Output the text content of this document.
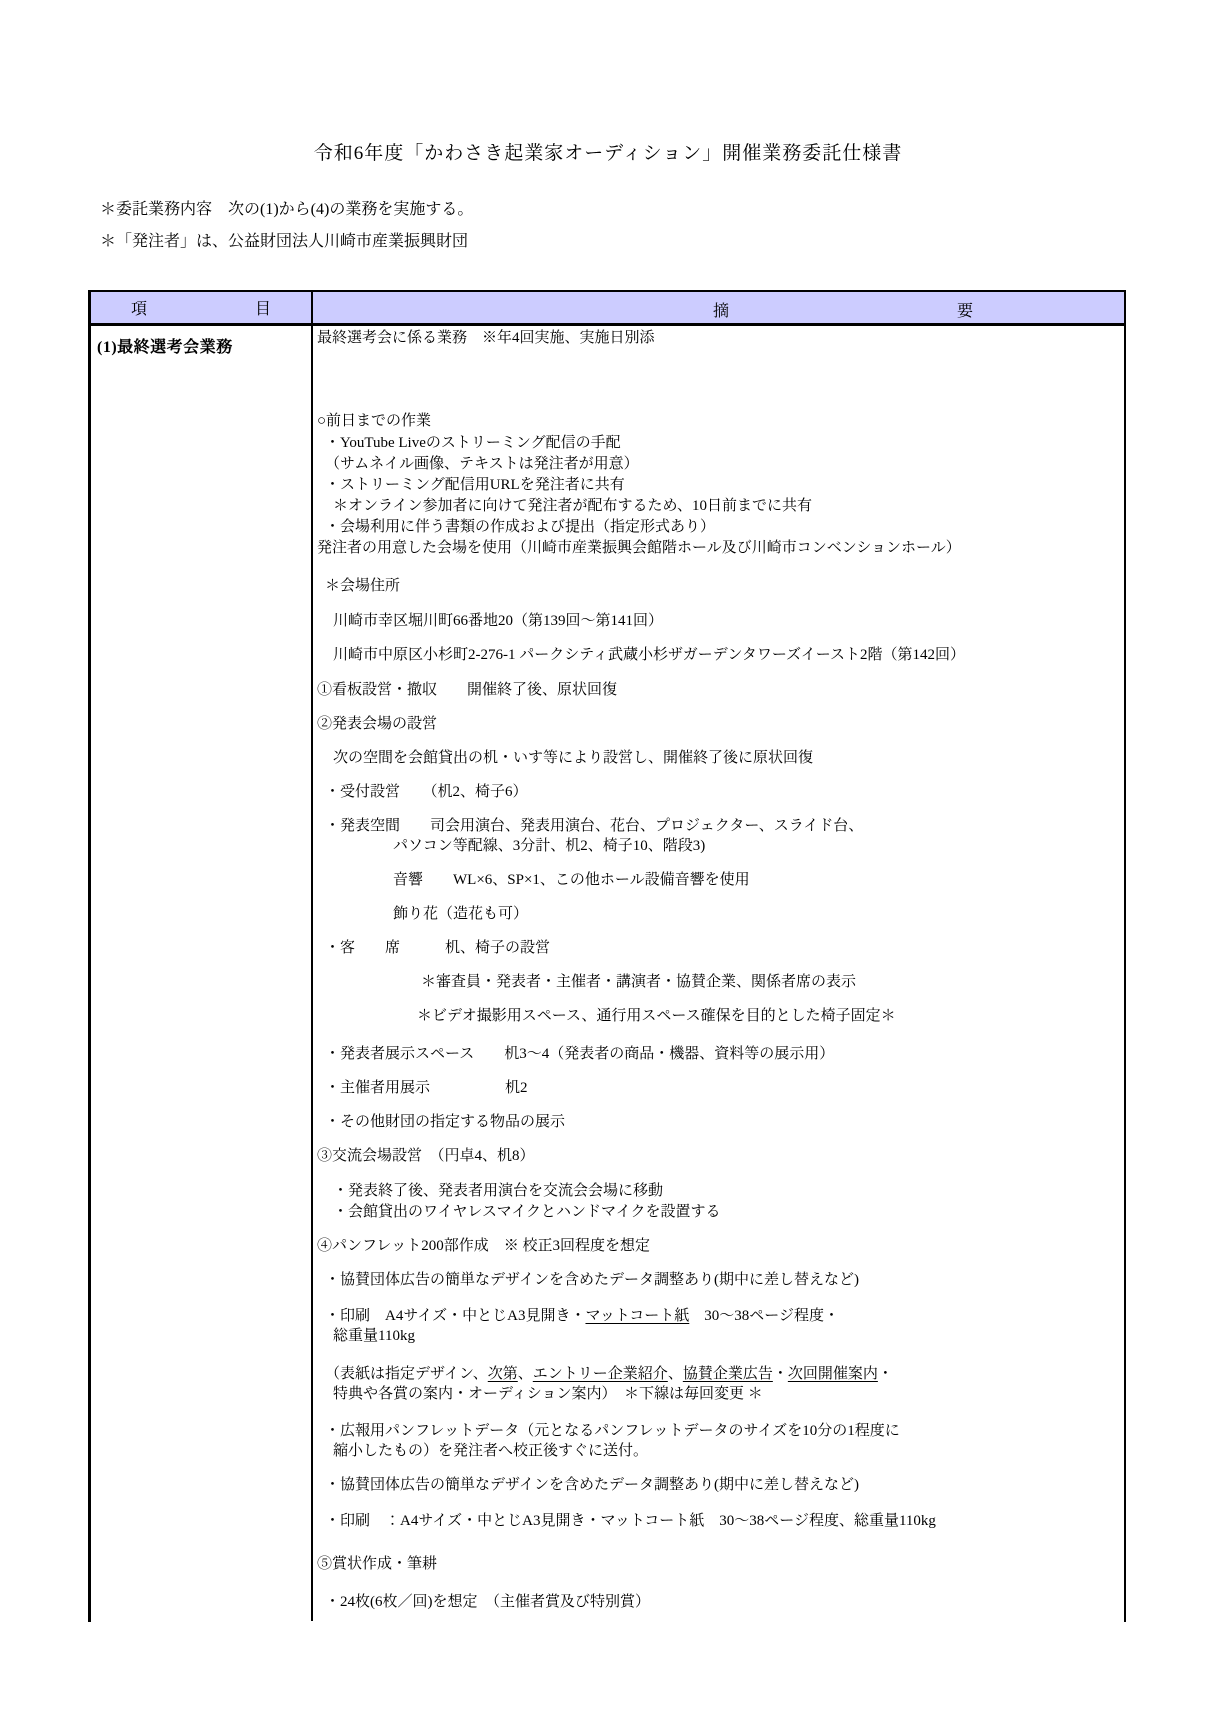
令和6年度「かわさき起業家オーディション」開催業務委託仕様書
＊委託業務内容　次の(1)から(4)の業務を実施する。
＊「発注者」は、公益財団法人川崎市産業振興財団
項	目	摘	要
(1)最終選考会業務
最終選考会に係る業務　※年4回実施、実施日別添
○前日までの作業
・YouTube Liveのストリーミング配信の手配
（サムネイル画像、テキストは発注者が用意）
・ストリーミング配信用URLを発注者に共有
＊オンライン参加者に向けて発注者が配布するため、10日前までに共有
・会場利用に伴う書類の作成および提出（指定形式あり）
発注者の用意した会場を使用（川崎市産業振興会館階ホール及び川崎市コンベンションホール）
＊会場住所
川崎市幸区堀川町66番地20（第139回～第141回）
川崎市中原区小杉町2-276-1 パークシティ武蔵小杉ザガーデンタワーズイースト2階（第142回）
①看板設営・撤収　　開催終了後、原状回復
②発表会場の設営
次の空間を会館貸出の机・いす等により設営し、開催終了後に原状回復
・受付設営　　（机2、椅子6）
・発表空間　　司会用演台、発表用演台、花台、プロジェクター、スライド台、
パソコン等配線、3分計、机2、椅子10、階段3)
音響　　WL×6、SP×1、この他ホール設備音響を使用
飾り花（造花も可）
・客　　席　　　机、椅子の設営
＊審査員・発表者・主催者・講演者・協賛企業、関係者席の表示
＊ビデオ撮影用スペース、通行用スペース確保を目的とした椅子固定＊
・発表者展示スペース　　机3～4（発表者の商品・機器、資料等の展示用）
・主催者用展示　　　　　机2
・その他財団の指定する物品の展示
③交流会場設営　（円卓4、机8）
・発表終了後、発表者用演台を交流会会場に移動
・会館貸出のワイヤレスマイクとハンドマイクを設置する
④パンフレット200部作成　※ 校正3回程度を想定
・協賛団体広告の簡単なデザインを含めたデータ調整あり(期中に差し替えなど)
・印刷　A4サイズ・中とじA3見開き・マットコート紙　30～38ページ程度・
総重量110kg
（表紙は指定デザイン、次第、エントリー企業紹介、協賛企業広告・次回開催案内・
特典や各賞の案内・オーディション案内）　＊下線は毎回変更 ＊
・広報用パンフレットデータ（元となるパンフレットデータのサイズを10分の1程度に
縮小したもの）を発注者へ校正後すぐに送付。
・協賛団体広告の簡単なデザインを含めたデータ調整あり(期中に差し替えなど)
・印刷　：A4サイズ・中とじA3見開き・マットコート紙　30～38ページ程度、総重量110kg
⑤賞状作成・筆耕
・24枚(6枚／回)を想定　（主催者賞及び特別賞）
